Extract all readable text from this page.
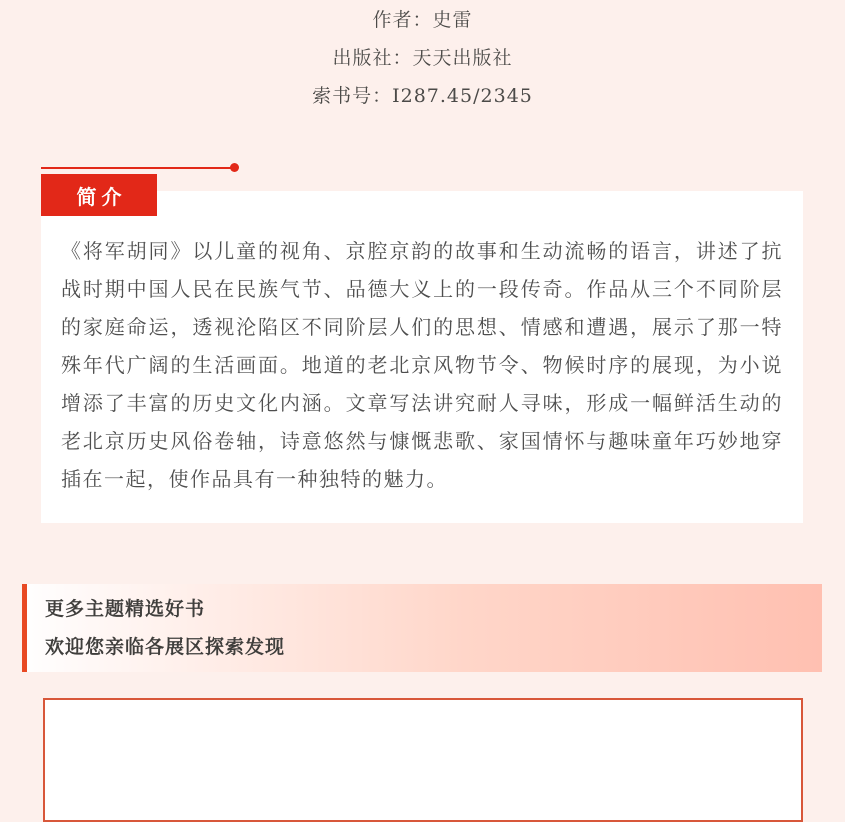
作者：史雷
出版社：天天出版社
索书号：I287.45/2345
简介
《将军胡同》以儿童的视角、京腔京韵的故事和生动流畅的语言，讲述了抗战时期中国人民在民族气节、品德大义上的一段传奇。作品从三个不同阶层的家庭命运，透视沦陷区不同阶层人们的思想、情感和遭遇，展示了那一特殊年代广阔的生活画面。地道的老北京风物节令、物候时序的展现，为小说增添了丰富的历史文化内涵。文章写法讲究耐人寻味，形成一幅鲜活生动的老北京历史风俗卷轴，诗意悠然与慷慨悲歌、家国情怀与趣味童年巧妙地穿插在一起，使作品具有一种独特的魅力。
更多主题精选好书
欢迎您亲临各展区探索发现
